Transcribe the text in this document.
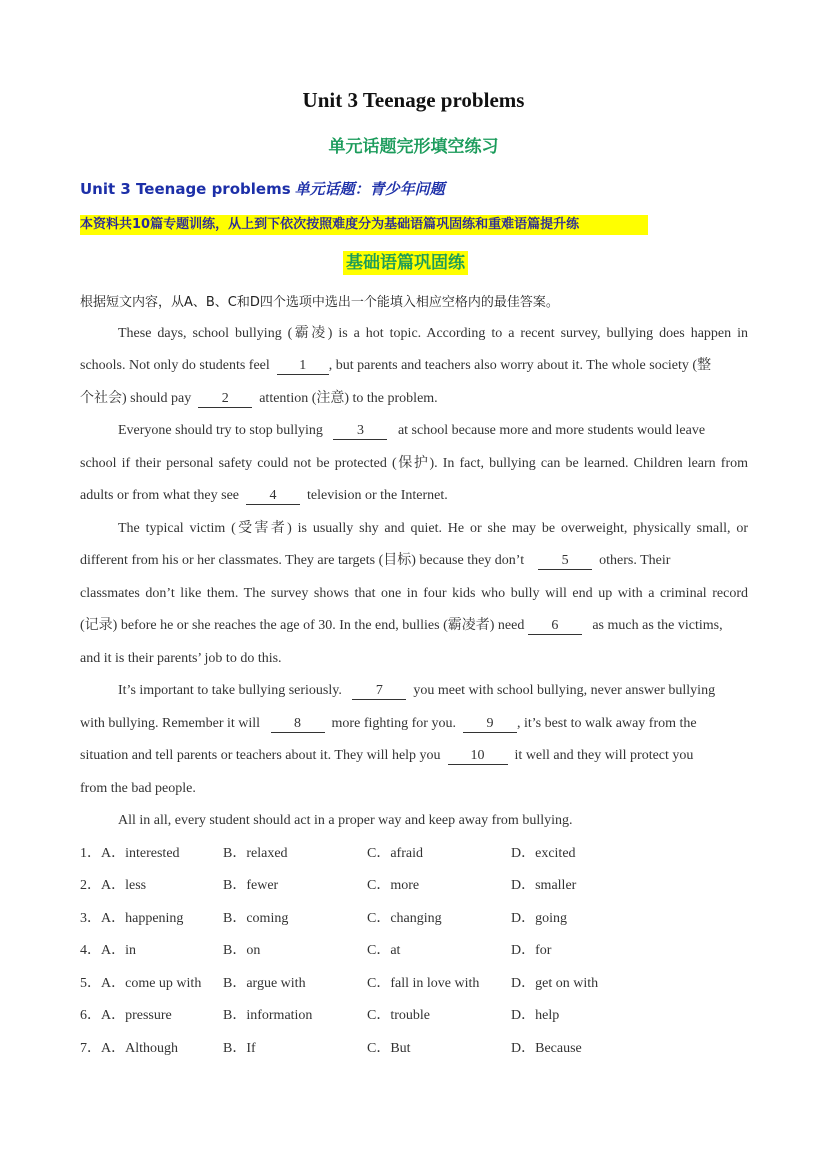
Unit 3 Teenage problems
单元话题完形填空练习
Unit 3 Teenage problems 单元话题：青少年问题
本资料共10篇专题训练，从上到下依次按照难度分为基础语篇巩固练和重难语篇提升练
基础语篇巩固练
根据短文内容，从A、B、C和D四个选项中选出一个能填入相应空格内的最佳答案。
These days, school bullying (霸凌) is a hot topic. According to a recent survey, bullying does happen in
schools. Not only do students feel 1 , but parents and teachers also worry about it. The whole society (整
个社会) should pay 2 attention (注意) to the problem.
Everyone should try to stop bullying 3 at school because more and more students would leave
school if their personal safety could not be protected (保护). In fact, bullying can be learned. Children learn from
adults or from what they see 4 television or the Internet.
The typical victim (受害者) is usually shy and quiet. He or she may be overweight, physically small, or
different from his or her classmates. They are targets (目标) because they don’t	5 others. Their
classmates don’t like them. The survey shows that one in four kids who bully will end up with a criminal record
(记录) before he or she reaches the age of 30. In the end, bullies (霸凌者) need 6 as much as the victims,
and it is their parents’ job to do this.
It’s important to take bullying seriously. 7 you meet with school bullying, never answer bullying
with bullying. Remember it will 8 more fighting for you. 9 , it’s best to walk away from the
situation and tell parents or teachers about it. They will help you 10 it well and they will protect you
from the bad people.
All in all, every student should act in a proper way and keep away from bullying.
1． A．interested	B．relaxed	C．afraid	D．excited
2． A．less	B．fewer	C．more	D．smaller
3． A．happening	B．coming	C．changing	D．going
4． A．in	B．on	C．at	D．for
5． A．come up with B．argue with	C．fall in love with D．get on with
6． A．pressure	B．information	C．trouble	D．help
7． A．Although	B．If	C．But	D．Because
